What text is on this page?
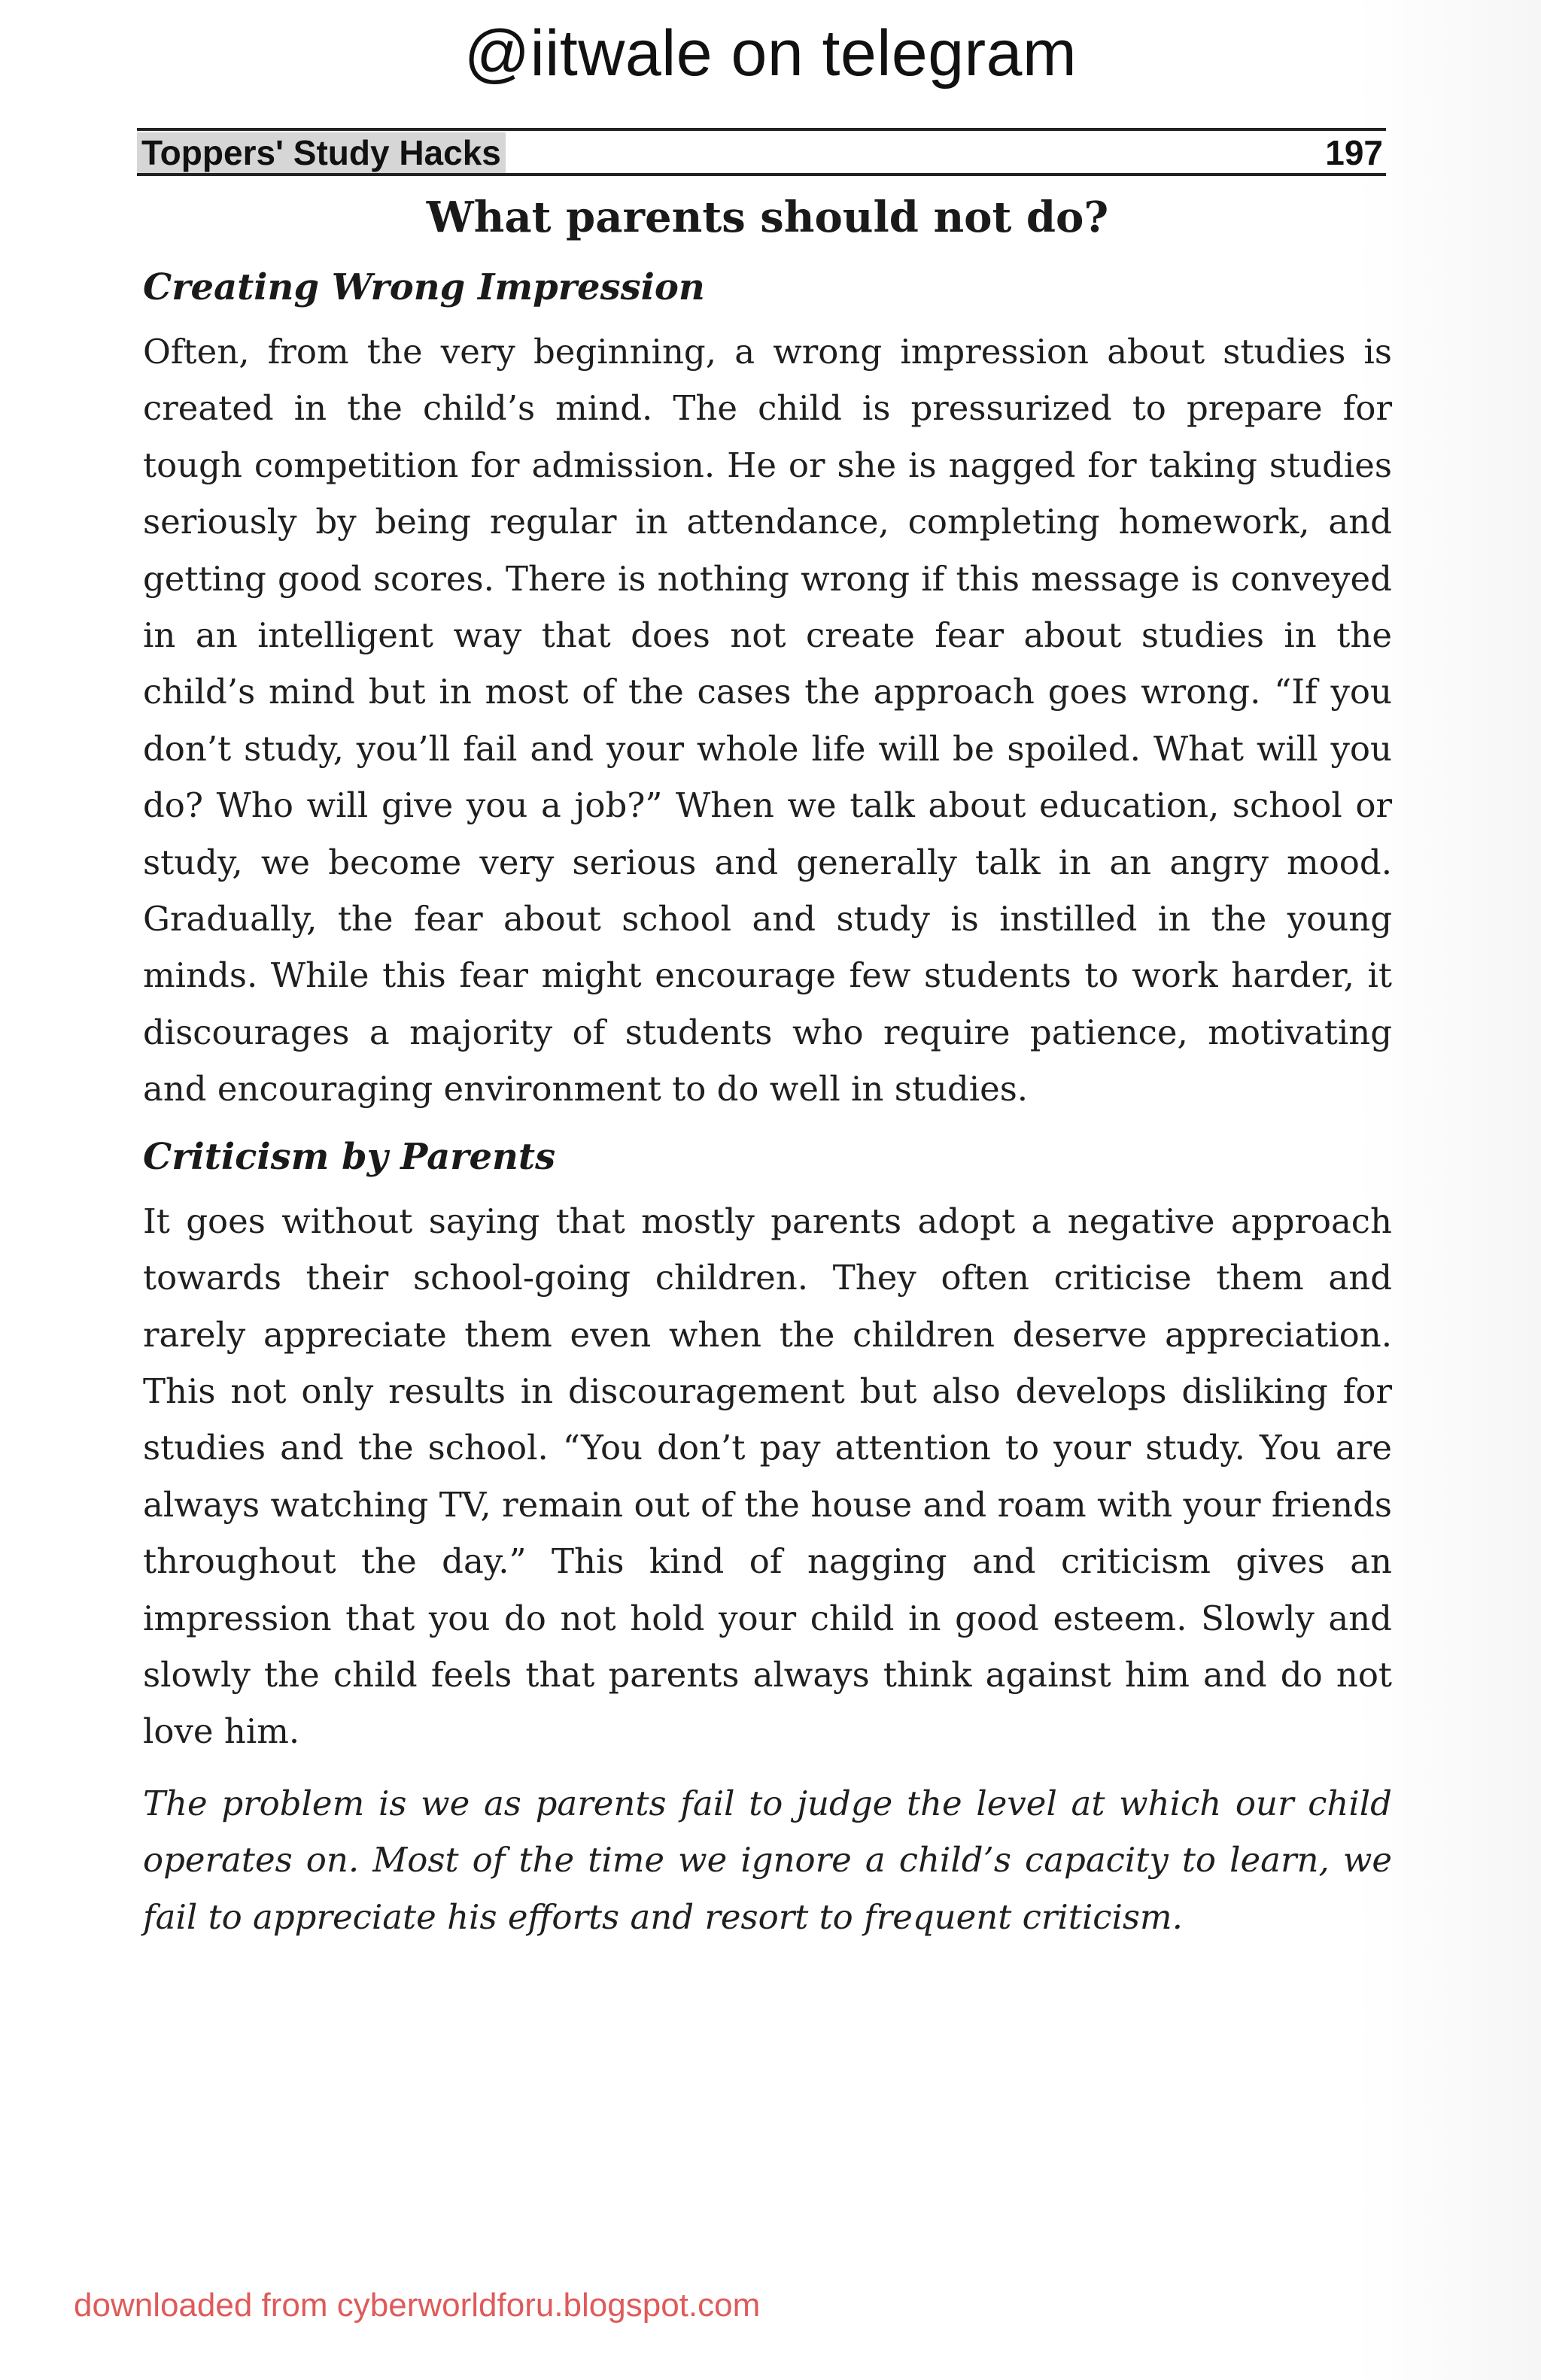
@iitwale on telegram
Toppers' Study Hacks	197
What parents should not do?
Creating Wrong Impression

Often, from the very beginning, a wrong impression about studies is created in the child’s mind. The child is pressurized to prepare for tough competition for admission. He or she is nagged for taking studies seriously by being regular in attendance, completing homework, and getting good scores. There is nothing wrong if this message is conveyed in an intelligent way that does not create fear about studies in the child’s mind but in most of the cases the approach goes wrong. “If you don’t study, you’ll fail and your whole life will be spoiled. What will you do? Who will give you a job?” When we talk about education, school or study, we become very serious and generally talk in an angry mood. Gradually, the fear about school and study is instilled in the young minds. While this fear might encourage few students to work harder, it discourages a majority of students who require patience, motivating and encouraging environment to do well in studies.

Criticism by Parents

It goes without saying that mostly parents adopt a negative approach towards their school-going children. They often criticise them and rarely appreciate them even when the children deserve appreciation. This not only results in discouragement but also develops disliking for studies and the school. “You don’t pay attention to your study. You are always watching TV, remain out of the house and roam with your friends throughout the day.” This kind of nagging and criticism gives an impression that you do not hold your child in good esteem. Slowly and slowly the child feels that parents always think against him and do not love him.

The problem is we as parents fail to judge the level at which our child operates on. Most of the time we ignore a child’s capacity to learn, we fail to appreciate his efforts and resort to frequent criticism.

downloaded from cyberworldforu.blogspot.com
